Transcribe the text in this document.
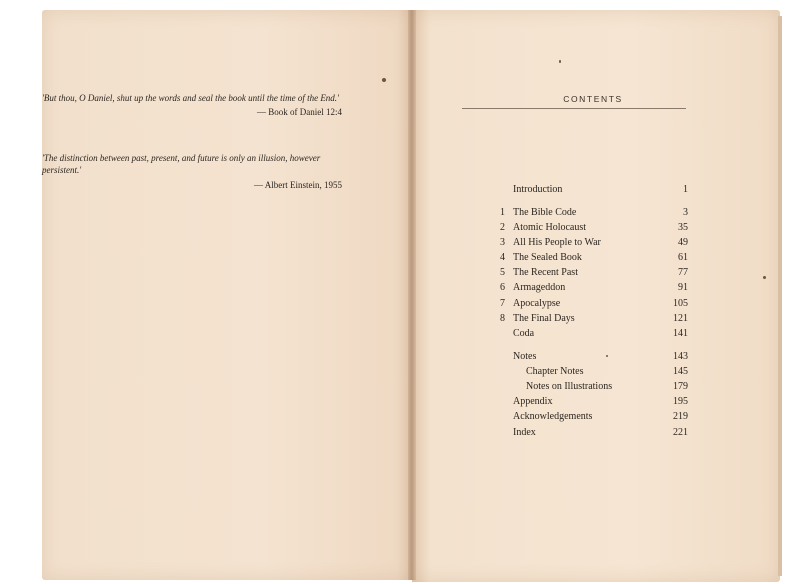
'But thou, O Daniel, shut up the words and seal the book until the time of the End.'
— Book of Daniel 12:4
'The distinction between past, present, and future is only an illusion, however persistent.'
— Albert Einstein, 1955
CONTENTS
Introduction	1
1 The Bible Code	3
2 Atomic Holocaust	35
3 All His People to War	49
4 The Sealed Book	61
5 The Recent Past	77
6 Armageddon	91
7 Apocalypse	105
8 The Final Days	121
Coda	141
Notes	143
Chapter Notes	145
Notes on Illustrations	179
Appendix	195
Acknowledgements	219
Index	221
